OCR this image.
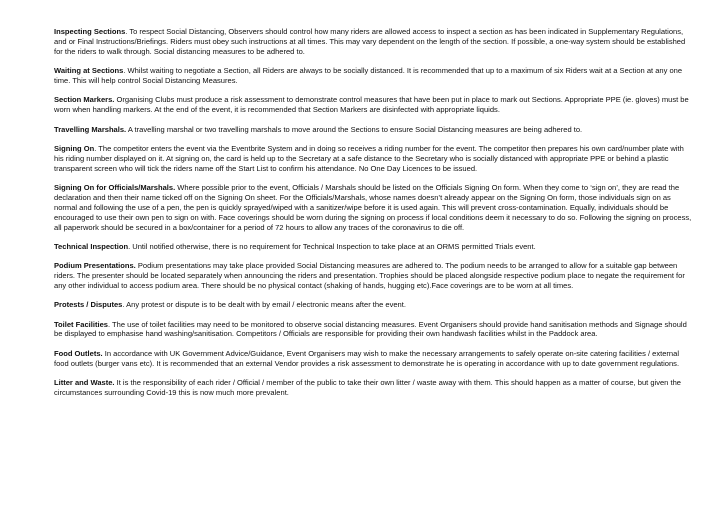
Inspecting Sections. To respect Social Distancing, Observers should control how many riders are allowed access to inspect a section as has been indicated in Supplementary Regulations, and or Final Instructions/Briefings. Riders must obey such instructions at all times. This may vary dependent on the length of the section. If possible, a one-way system should be established for the riders to walk through. Social distancing measures to be adhered to.

Waiting at Sections. Whilst waiting to negotiate a Section, all Riders are always to be socially distanced. It is recommended that up to a maximum of six Riders wait at a Section at any one time. This will help control Social Distancing Measures.

Section Markers. Organising Clubs must produce a risk assessment to demonstrate control measures that have been put in place to mark out Sections. Appropriate PPE (ie. gloves) must be worn when handling markers. At the end of the event, it is recommended that Section Markers are disinfected with appropriate liquids.

Travelling Marshals. A travelling marshal or two travelling marshals to move around the Sections to ensure Social Distancing measures are being adhered to.

Signing On. The competitor enters the event via the Eventbrite System and in doing so receives a riding number for the event. The competitor then prepares his own card/number plate with his riding number displayed on it. At signing on, the card is held up to the Secretary at a safe distance to the Secretary who is socially distanced with appropriate PPE or behind a plastic transparent screen who will tick the riders name off the Start List to confirm his attendance. No One Day Licences to be issued.

Signing On for Officials/Marshals. Where possible prior to the event, Officials / Marshals should be listed on the Officials Signing On form. When they come to ‘sign on’, they are read the declaration and then their name ticked off on the Signing On sheet. For the Officials/Marshals, whose names doesn’t already appear on the Signing On form, those individuals sign on as normal and following the use of a pen, the pen is quickly sprayed/wiped with a sanitizer/wipe before it is used again. This will prevent cross-contamination. Equally, individuals should be encouraged to use their own pen to sign on with. Face coverings should be worn during the signing on process if local conditions deem it necessary to do so. Following the signing on process, all paperwork should be secured in a box/container for a period of 72 hours to allow any traces of the coronavirus to die off.

Technical Inspection. Until notified otherwise, there is no requirement for Technical Inspection to take place at an ORMS permitted Trials event.

Podium Presentations. Podium presentations may take place provided Social Distancing measures are adhered to. The podium needs to be arranged to allow for a suitable gap between riders. The presenter should be located separately when announcing the riders and presentation. Trophies should be placed alongside respective podium place to negate the requirement for any other individual to access podium area. There should be no physical contact (shaking of hands, hugging etc).Face coverings are to be worn at all times.

Protests / Disputes. Any protest or dispute is to be dealt with by email / electronic means after the event.

Toilet Facilities. The use of toilet facilities may need to be monitored to observe social distancing measures. Event Organisers should provide hand sanitisation methods and Signage should be displayed to emphasise hand washing/sanitisation. Competitors / Officials are responsible for providing their own handwash facilities whilst in the Paddock area.

Food Outlets. In accordance with UK Government Advice/Guidance, Event Organisers may wish to make the necessary arrangements to safely operate on-site catering facilities / external food outlets (burger vans etc). It is recommended that an external Vendor provides a risk assessment to demonstrate he is operating in accordance with up to date government regulations.

Litter and Waste. It is the responsibility of each rider / Official / member of the public to take their own litter / waste away with them. This should happen as a matter of course, but given the circumstances surrounding Covid-19 this is now much more prevalent.
